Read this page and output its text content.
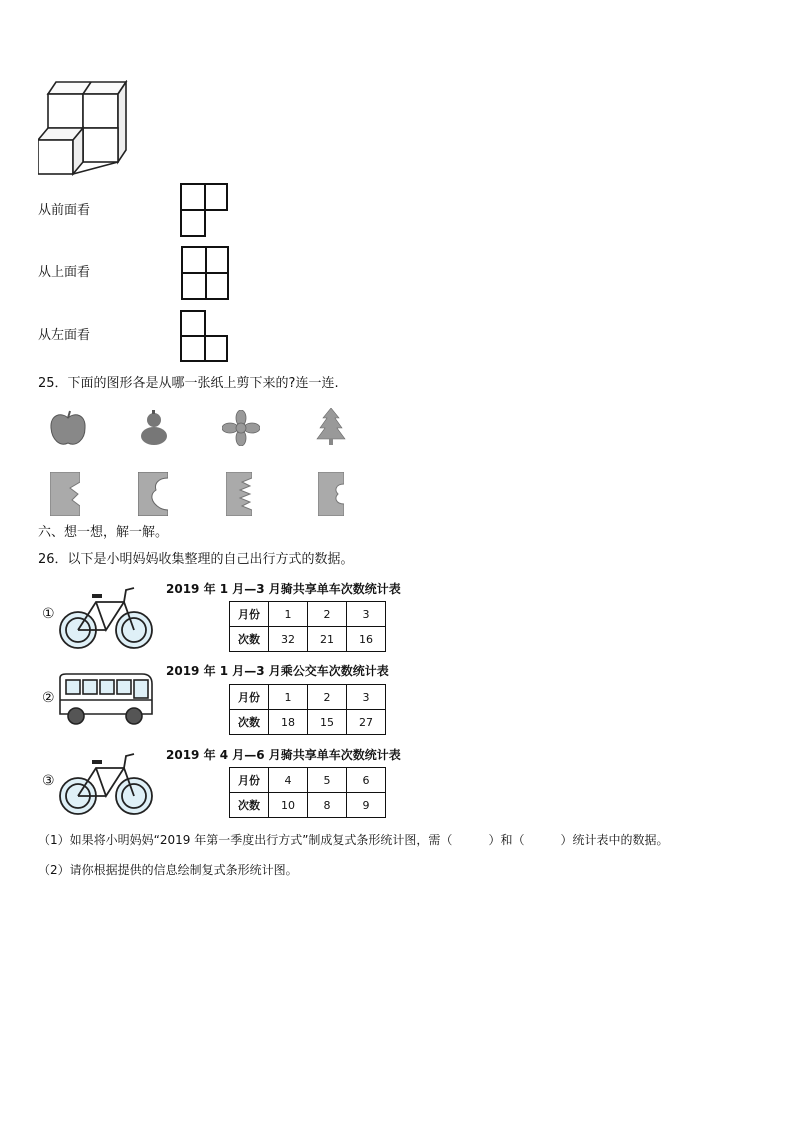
从前面看
从上面看
从左面看
25．下面的图形各是从哪一张纸上剪下来的?连一连.
六、想一想，解一解。
26．以下是小明妈妈收集整理的自己出行方式的数据。
①
2019 年 1 月—3 月骑共享单车次数统计表
月份	1	2	3
次数	32	21	16
②
2019 年 1 月—3 月乘公交车次数统计表
月份	1	2	3
次数	18	15	27
③
2019 年 4 月—6 月骑共享单车次数统计表
月份	4	5	6
次数	10	8	9
（1）如果将小明妈妈“2019 年第一季度出行方式”制成复式条形统计图，需（	）和（	）统计表中的数据。
（2）请你根据提供的信息绘制复式条形统计图。
